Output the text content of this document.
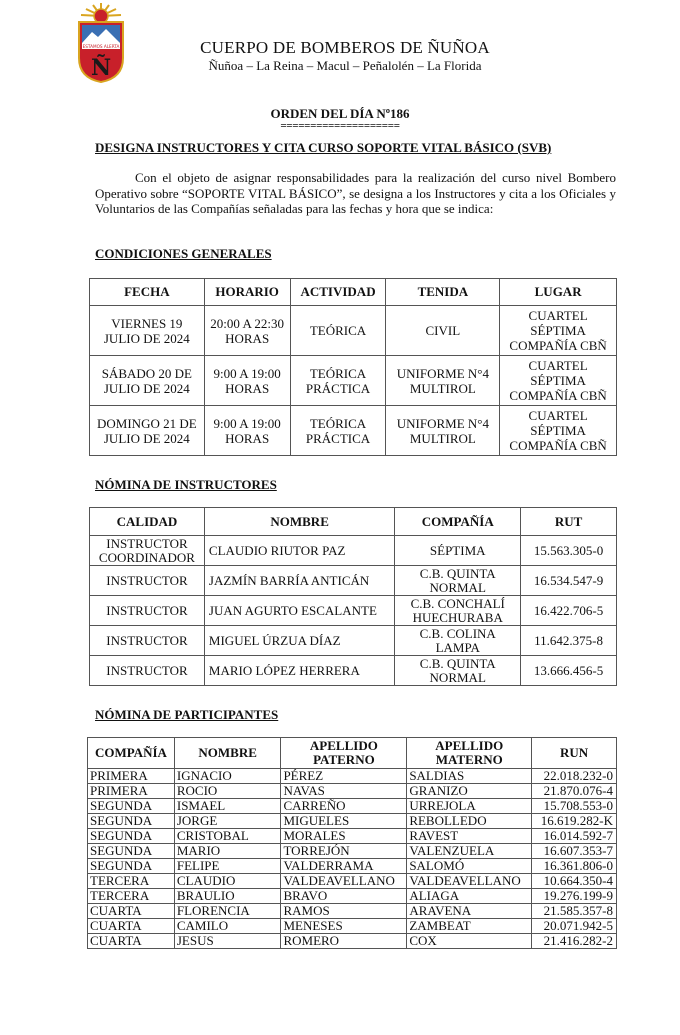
ESTAMOS ALERTA
Ñ
CUERPO DE BOMBEROS DE ÑUÑOA
Ñuñoa – La Reina – Macul – Peñalolén – La Florida
ORDEN DEL DÍA Nº186
====================
DESIGNA INSTRUCTORES Y CITA CURSO SOPORTE VITAL BÁSICO (SVB)
Con el objeto de asignar responsabilidades para la realización del curso nivel Bombero Operativo sobre “SOPORTE VITAL BÁSICO”, se designa a los Instructores y cita a los Oficiales y Voluntarios de las Compañías señaladas para las fechas y hora que se indica:
CONDICIONES GENERALES
FECHA	HORARIO	ACTIVIDAD	TENIDA	LUGAR
VIERNES 19 JULIO DE 2024	20:00 A 22:30 HORAS	TEÓRICA	CIVIL	CUARTEL SÉPTIMA COMPAÑÍA CBÑ
SÁBADO 20 DE JULIO DE 2024	9:00 A 19:00 HORAS	TEÓRICA PRÁCTICA	UNIFORME N°4 MULTIROL	CUARTEL SÉPTIMA COMPAÑÍA CBÑ
DOMINGO 21 DE JULIO DE 2024	9:00 A 19:00 HORAS	TEÓRICA PRÁCTICA	UNIFORME N°4 MULTIROL	CUARTEL SÉPTIMA COMPAÑÍA CBÑ
NÓMINA DE INSTRUCTORES
CALIDAD	NOMBRE	COMPAÑÍA	RUT
INSTRUCTOR COORDINADOR	CLAUDIO RIUTOR PAZ	SÉPTIMA	15.563.305-0
INSTRUCTOR	JAZMÍN BARRÍA ANTICÁN	C.B. QUINTA NORMAL	16.534.547-9
INSTRUCTOR	JUAN AGURTO ESCALANTE	C.B. CONCHALÍ HUECHURABA	16.422.706-5
INSTRUCTOR	MIGUEL ÚRZUA DÍAZ	C.B. COLINA LAMPA	11.642.375-8
INSTRUCTOR	MARIO LÓPEZ HERRERA	C.B. QUINTA NORMAL	13.666.456-5
NÓMINA DE PARTICIPANTES
COMPAÑÍA	NOMBRE	APELLIDO PATERNO	APELLIDO MATERNO	RUN
PRIMERA	IGNACIO	PÉREZ	SALDIAS	22.018.232-0
PRIMERA	ROCIO	NAVAS	GRANIZO	21.870.076-4
SEGUNDA	ISMAEL	CARREÑO	URREJOLA	15.708.553-0
SEGUNDA	JORGE	MIGUELES	REBOLLEDO	16.619.282-K
SEGUNDA	CRISTOBAL	MORALES	RAVEST	16.014.592-7
SEGUNDA	MARIO	TORREJÓN	VALENZUELA	16.607.353-7
SEGUNDA	FELIPE	VALDERRAMA	SALOMÓ	16.361.806-0
TERCERA	CLAUDIO	VALDEAVELLANO	VALDEAVELLANO	10.664.350-4
TERCERA	BRAULIO	BRAVO	ALIAGA	19.276.199-9
CUARTA	FLORENCIA	RAMOS	ARAVENA	21.585.357-8
CUARTA	CAMILO	MENESES	ZAMBEAT	20.071.942-5
CUARTA	JESUS	ROMERO	COX	21.416.282-2
